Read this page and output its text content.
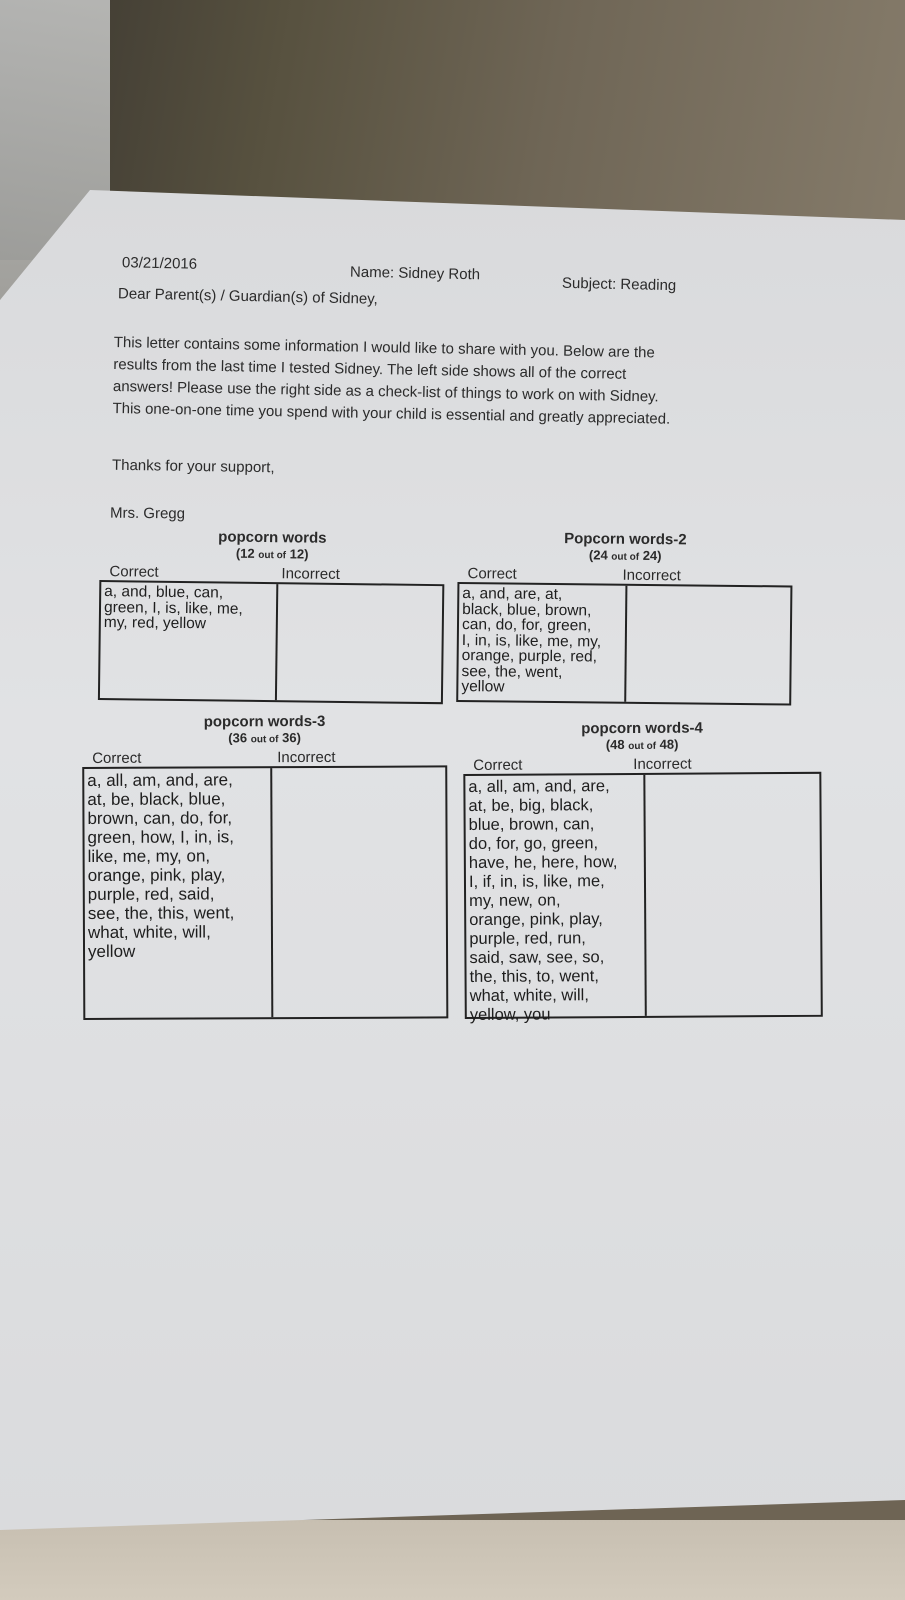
03/21/2016

Name: Sidney Roth

Subject: Reading

Dear Parent(s) / Guardian(s) of Sidney,

This letter contains some information I would like to share with you. Below are the
results from the last time I tested Sidney. The left side shows all of the correct
answers! Please use the right side as a check-list of things to work on with Sidney.
This one-on-one time you spend with your child is essential and greatly appreciated.

Thanks for your support,

Mrs. Gregg

popcorn words

(12 out of 12)

Correct	Incorrect
a, and, blue, can,
green, I, is, like, me,
my, red, yellow

Popcorn words-2

(24 out of 24)

Correct	Incorrect
a, and, are, at,
black, blue, brown,
can, do, for, green,
I, in, is, like, me, my,
orange, purple, red,
see, the, went,
yellow

popcorn words-3

(36 out of 36)

Correct	Incorrect
a, all, am, and, are,
at, be, black, blue,
brown, can, do, for,
green, how, I, in, is,
like, me, my, on,
orange, pink, play,
purple, red, said,
see, the, this, went,
what, white, will,
yellow

popcorn words-4

(48 out of 48)

Correct	Incorrect
a, all, am, and, are,
at, be, big, black,
blue, brown, can,
do, for, go, green,
have, he, here, how,
I, if, in, is, like, me,
my, new, on,
orange, pink, play,
purple, red, run,
said, saw, see, so,
the, this, to, went,
what, white, will,
yellow, you
